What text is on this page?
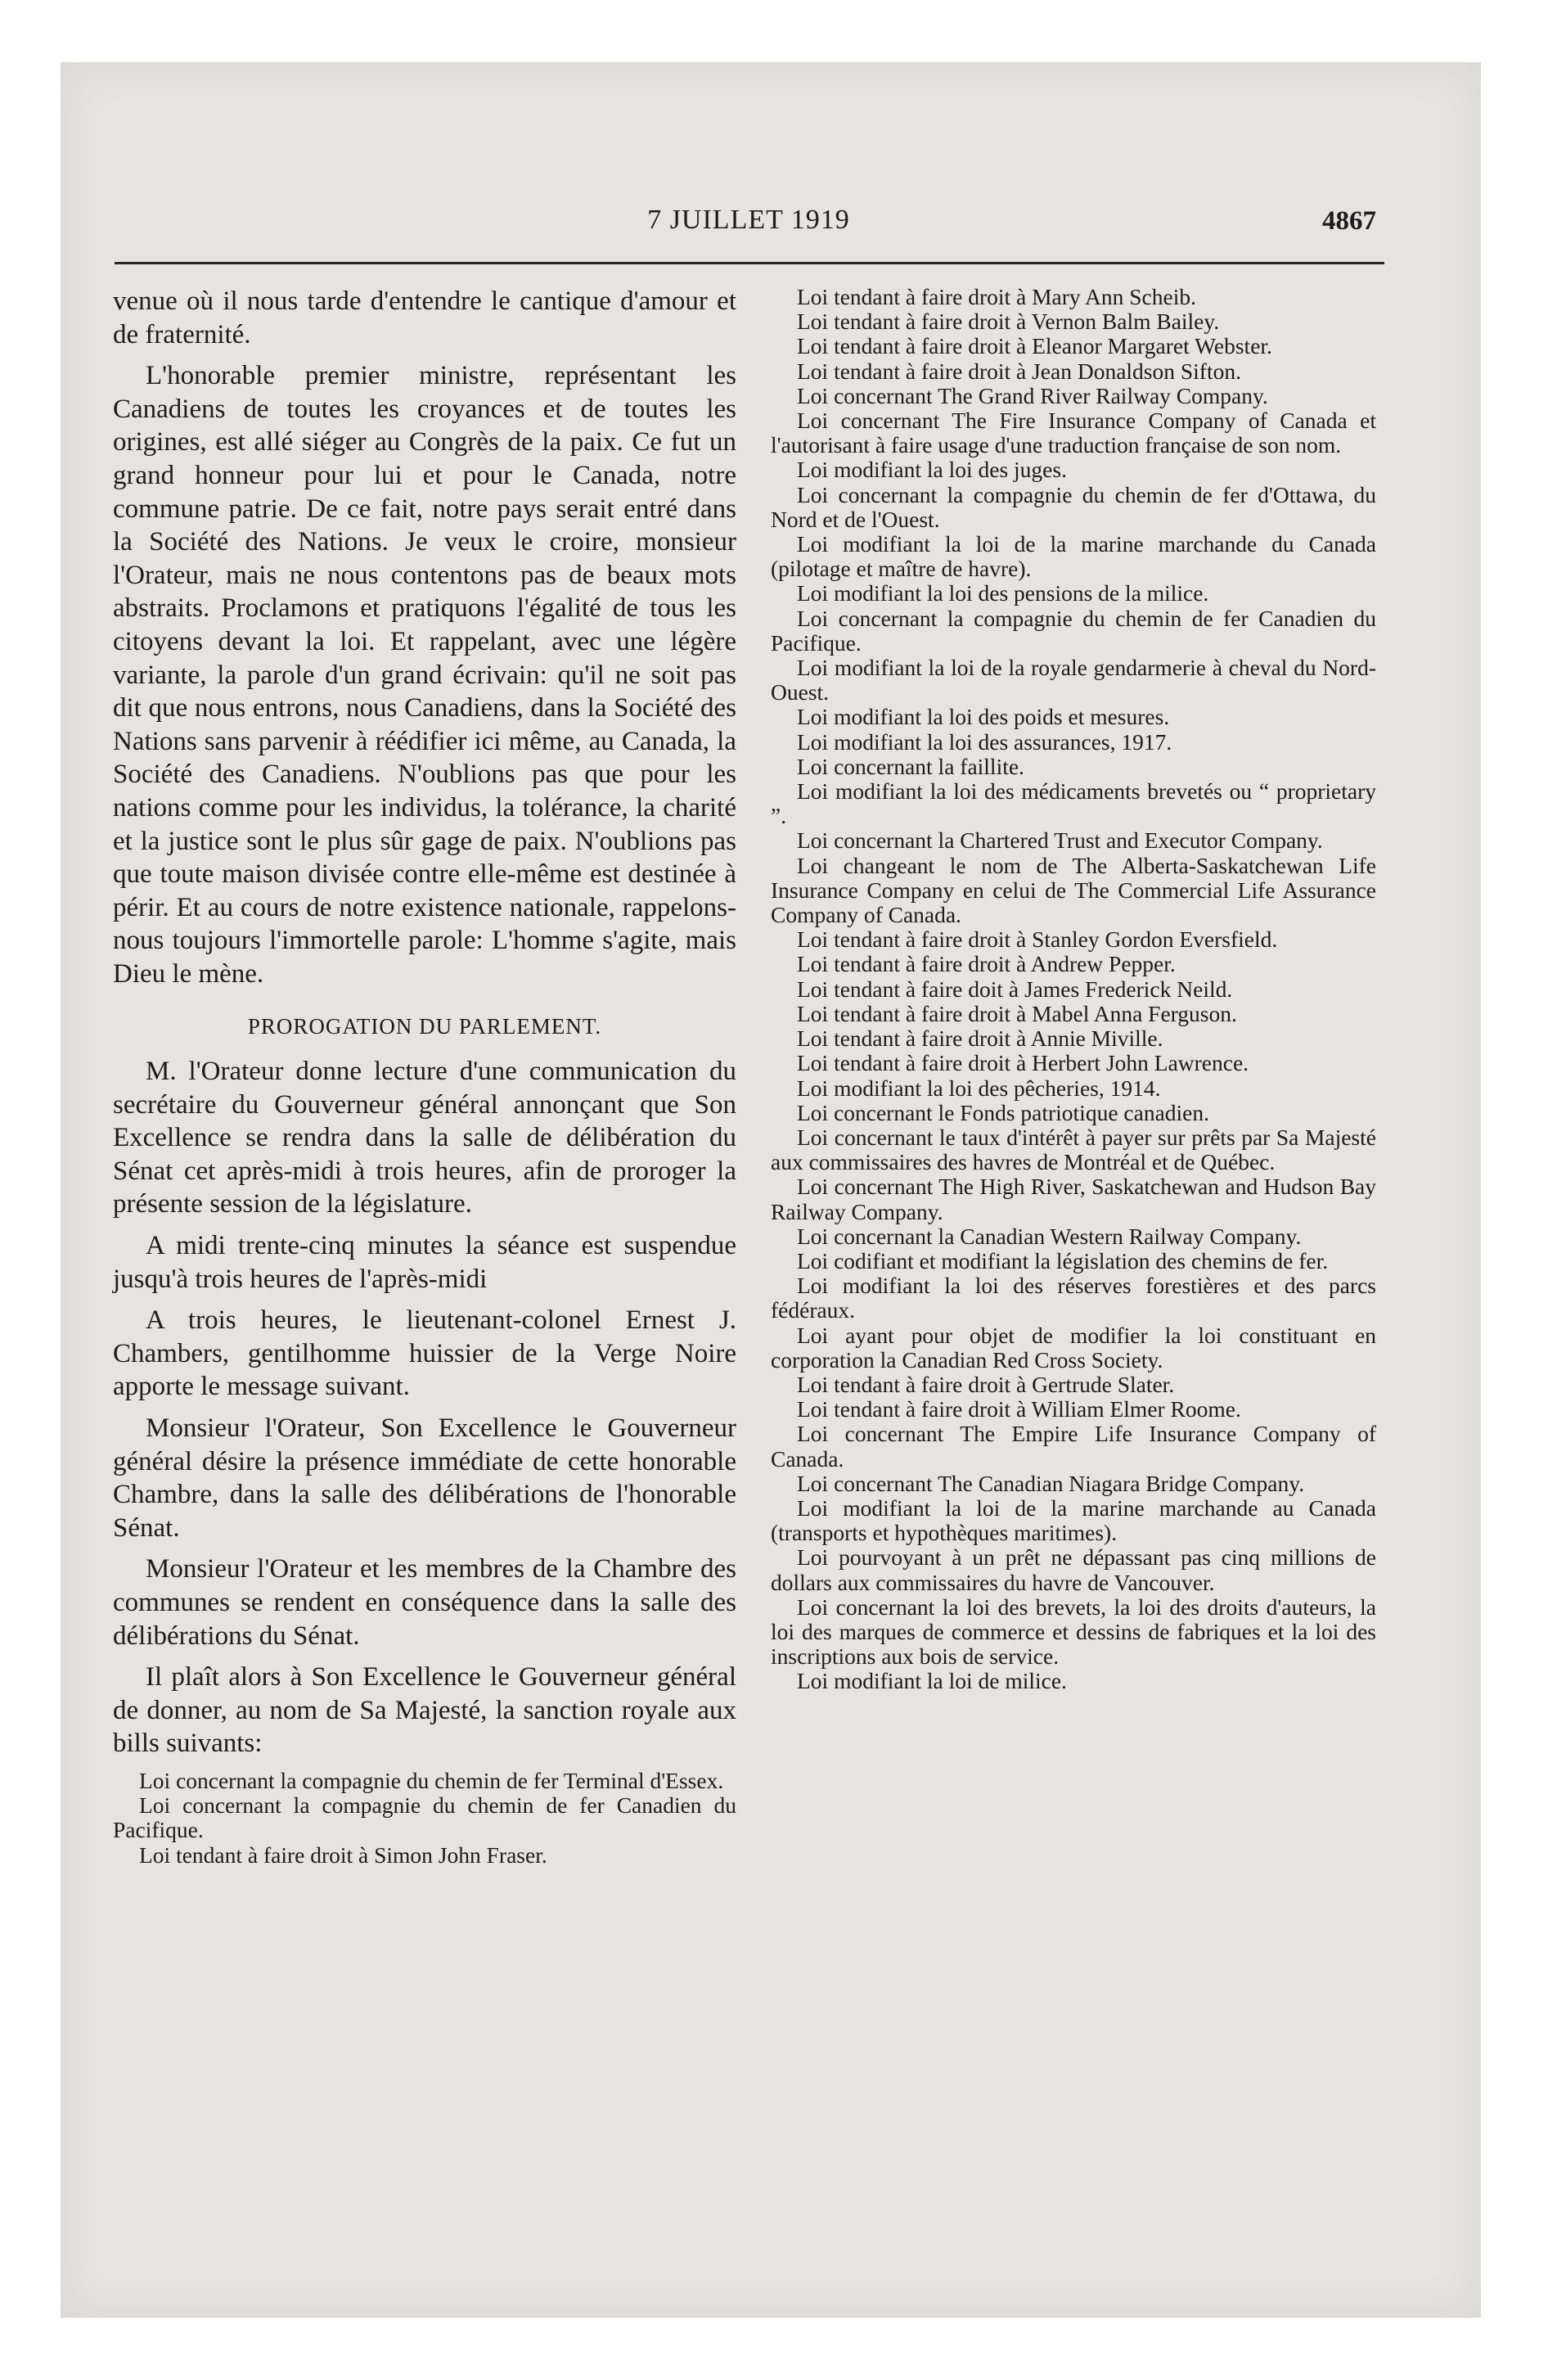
7 JUILLET 1919	4867

venue où il nous tarde d'entendre le cantique d'amour et de fraternité.

L'honorable premier ministre, représentant les Canadiens de toutes les croyances et de toutes les origines, est allé siéger au Congrès de la paix. Ce fut un grand honneur pour lui et pour le Canada, notre commune patrie. De ce fait, notre pays serait entré dans la Société des Nations. Je veux le croire, monsieur l'Orateur, mais ne nous contentons pas de beaux mots abstraits. Proclamons et pratiquons l'égalité de tous les citoyens devant la loi. Et rappelant, avec une légère variante, la parole d'un grand écrivain: qu'il ne soit pas dit que nous entrons, nous Canadiens, dans la Société des Nations sans parvenir à réédifier ici même, au Canada, la Société des Canadiens. N'oublions pas que pour les nations comme pour les individus, la tolérance, la charité et la justice sont le plus sûr gage de paix. N'oublions pas que toute maison divisée contre elle-même est destinée à périr. Et au cours de notre existence nationale, rappelons-nous toujours l'immortelle parole: L'homme s'agite, mais Dieu le mène.

PROROGATION DU PARLEMENT.

M. l'Orateur donne lecture d'une communication du secrétaire du Gouverneur général annonçant que Son Excellence se rendra dans la salle de délibération du Sénat cet après-midi à trois heures, afin de proroger la présente session de la législature.

A midi trente-cinq minutes la séance est suspendue jusqu'à trois heures de l'après-midi

A trois heures, le lieutenant-colonel Ernest J. Chambers, gentilhomme huissier de la Verge Noire apporte le message suivant.

Monsieur l'Orateur, Son Excellence le Gouverneur général désire la présence immédiate de cette honorable Chambre, dans la salle des délibérations de l'honorable Sénat.

Monsieur l'Orateur et les membres de la Chambre des communes se rendent en conséquence dans la salle des délibérations du Sénat.

Il plaît alors à Son Excellence le Gouverneur général de donner, au nom de Sa Majesté, la sanction royale aux bills suivants:

Loi concernant la compagnie du chemin de fer Terminal d'Essex.

Loi concernant la compagnie du chemin de fer Canadien du Pacifique.

Loi tendant à faire droit à Simon John Fraser.

Loi tendant à faire droit à Mary Ann Scheib.

Loi tendant à faire droit à Vernon Balm Bailey.

Loi tendant à faire droit à Eleanor Margaret Webster.

Loi tendant à faire droit à Jean Donaldson Sifton.

Loi concernant The Grand River Railway Company.

Loi concernant The Fire Insurance Company of Canada et l'autorisant à faire usage d'une traduction française de son nom.

Loi modifiant la loi des juges.

Loi concernant la compagnie du chemin de fer d'Ottawa, du Nord et de l'Ouest.

Loi modifiant la loi de la marine marchande du Canada (pilotage et maître de havre).

Loi modifiant la loi des pensions de la milice.

Loi concernant la compagnie du chemin de fer Canadien du Pacifique.

Loi modifiant la loi de la royale gendarmerie à cheval du Nord-Ouest.

Loi modifiant la loi des poids et mesures.

Loi modifiant la loi des assurances, 1917.

Loi concernant la faillite.

Loi modifiant la loi des médicaments brevetés ou “ proprietary ”.

Loi concernant la Chartered Trust and Executor Company.

Loi changeant le nom de The Alberta-Saskatchewan Life Insurance Company en celui de The Commercial Life Assurance Company of Canada.

Loi tendant à faire droit à Stanley Gordon Eversfield.

Loi tendant à faire droit à Andrew Pepper.

Loi tendant à faire doit à James Frederick Neild.

Loi tendant à faire droit à Mabel Anna Ferguson.

Loi tendant à faire droit à Annie Miville.

Loi tendant à faire droit à Herbert John Lawrence.

Loi modifiant la loi des pêcheries, 1914.

Loi concernant le Fonds patriotique canadien.

Loi concernant le taux d'intérêt à payer sur prêts par Sa Majesté aux commissaires des havres de Montréal et de Québec.

Loi concernant The High River, Saskatchewan and Hudson Bay Railway Company.

Loi concernant la Canadian Western Railway Company.

Loi codifiant et modifiant la législation des chemins de fer.

Loi modifiant la loi des réserves forestières et des parcs fédéraux.

Loi ayant pour objet de modifier la loi constituant en corporation la Canadian Red Cross Society.

Loi tendant à faire droit à Gertrude Slater.

Loi tendant à faire droit à William Elmer Roome.

Loi concernant The Empire Life Insurance Company of Canada.

Loi concernant The Canadian Niagara Bridge Company.

Loi modifiant la loi de la marine marchande au Canada (transports et hypothèques maritimes).

Loi pourvoyant à un prêt ne dépassant pas cinq millions de dollars aux commissaires du havre de Vancouver.

Loi concernant la loi des brevets, la loi des droits d'auteurs, la loi des marques de commerce et dessins de fabriques et la loi des inscriptions aux bois de service.

Loi modifiant la loi de milice.
